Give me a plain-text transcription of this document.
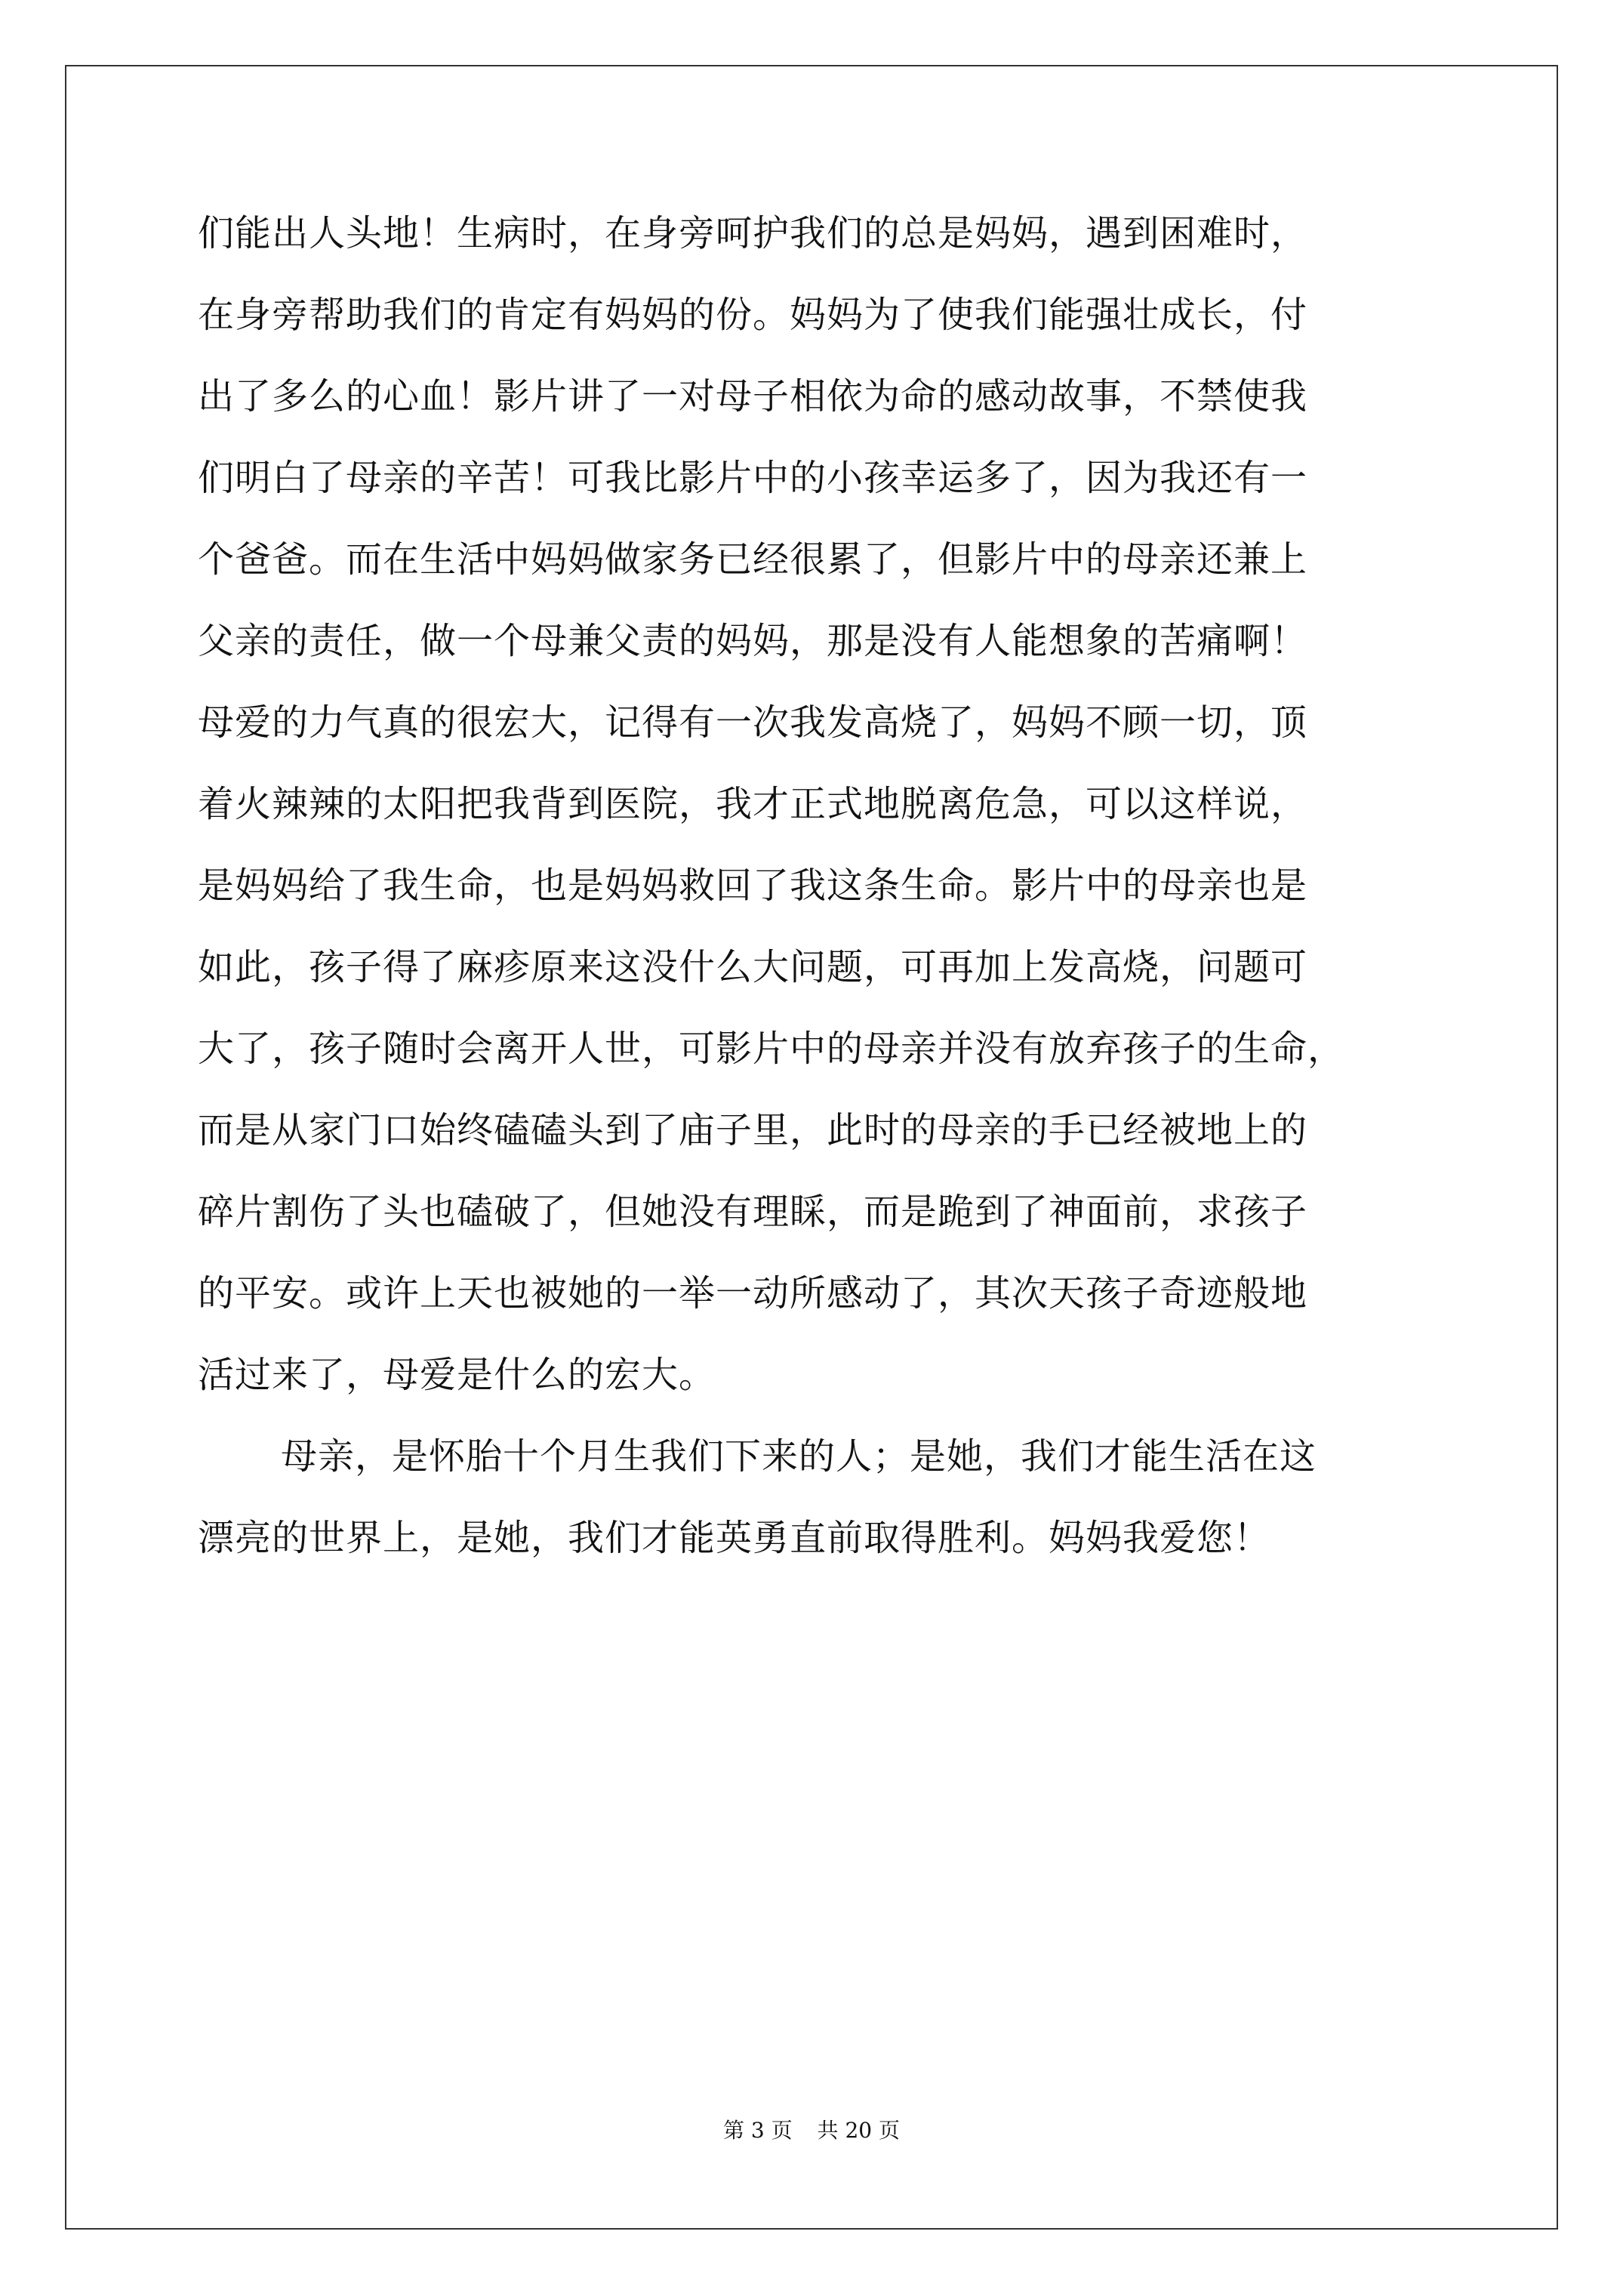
们能出人头地！生病时，在身旁呵护我们的总是妈妈，遇到困难时，
在身旁帮助我们的肯定有妈妈的份。妈妈为了使我们能强壮成长，付
出了多么的心血！影片讲了一对母子相依为命的感动故事，不禁使我
们明白了母亲的辛苦！可我比影片中的小孩幸运多了，因为我还有一
个爸爸。而在生活中妈妈做家务已经很累了，但影片中的母亲还兼上
父亲的责任，做一个母兼父责的妈妈，那是没有人能想象的苦痛啊！
母爱的力气真的很宏大，记得有一次我发高烧了，妈妈不顾一切，顶
着火辣辣的太阳把我背到医院，我才正式地脱离危急，可以这样说，
是妈妈给了我生命，也是妈妈救回了我这条生命。影片中的母亲也是
如此，孩子得了麻疹原来这没什么大问题，可再加上发高烧，问题可
大了，孩子随时会离开人世，可影片中的母亲并没有放弃孩子的生命，
而是从家门口始终磕磕头到了庙子里，此时的母亲的手已经被地上的
碎片割伤了头也磕破了，但她没有理睬，而是跪到了神面前，求孩子
的平安。或许上天也被她的一举一动所感动了，其次天孩子奇迹般地
活过来了，母爱是什么的宏大。
母亲，是怀胎十个月生我们下来的人；是她，我们才能生活在这
漂亮的世界上，是她，我们才能英勇直前取得胜利。妈妈我爱您！
第 3 页 共 20 页
